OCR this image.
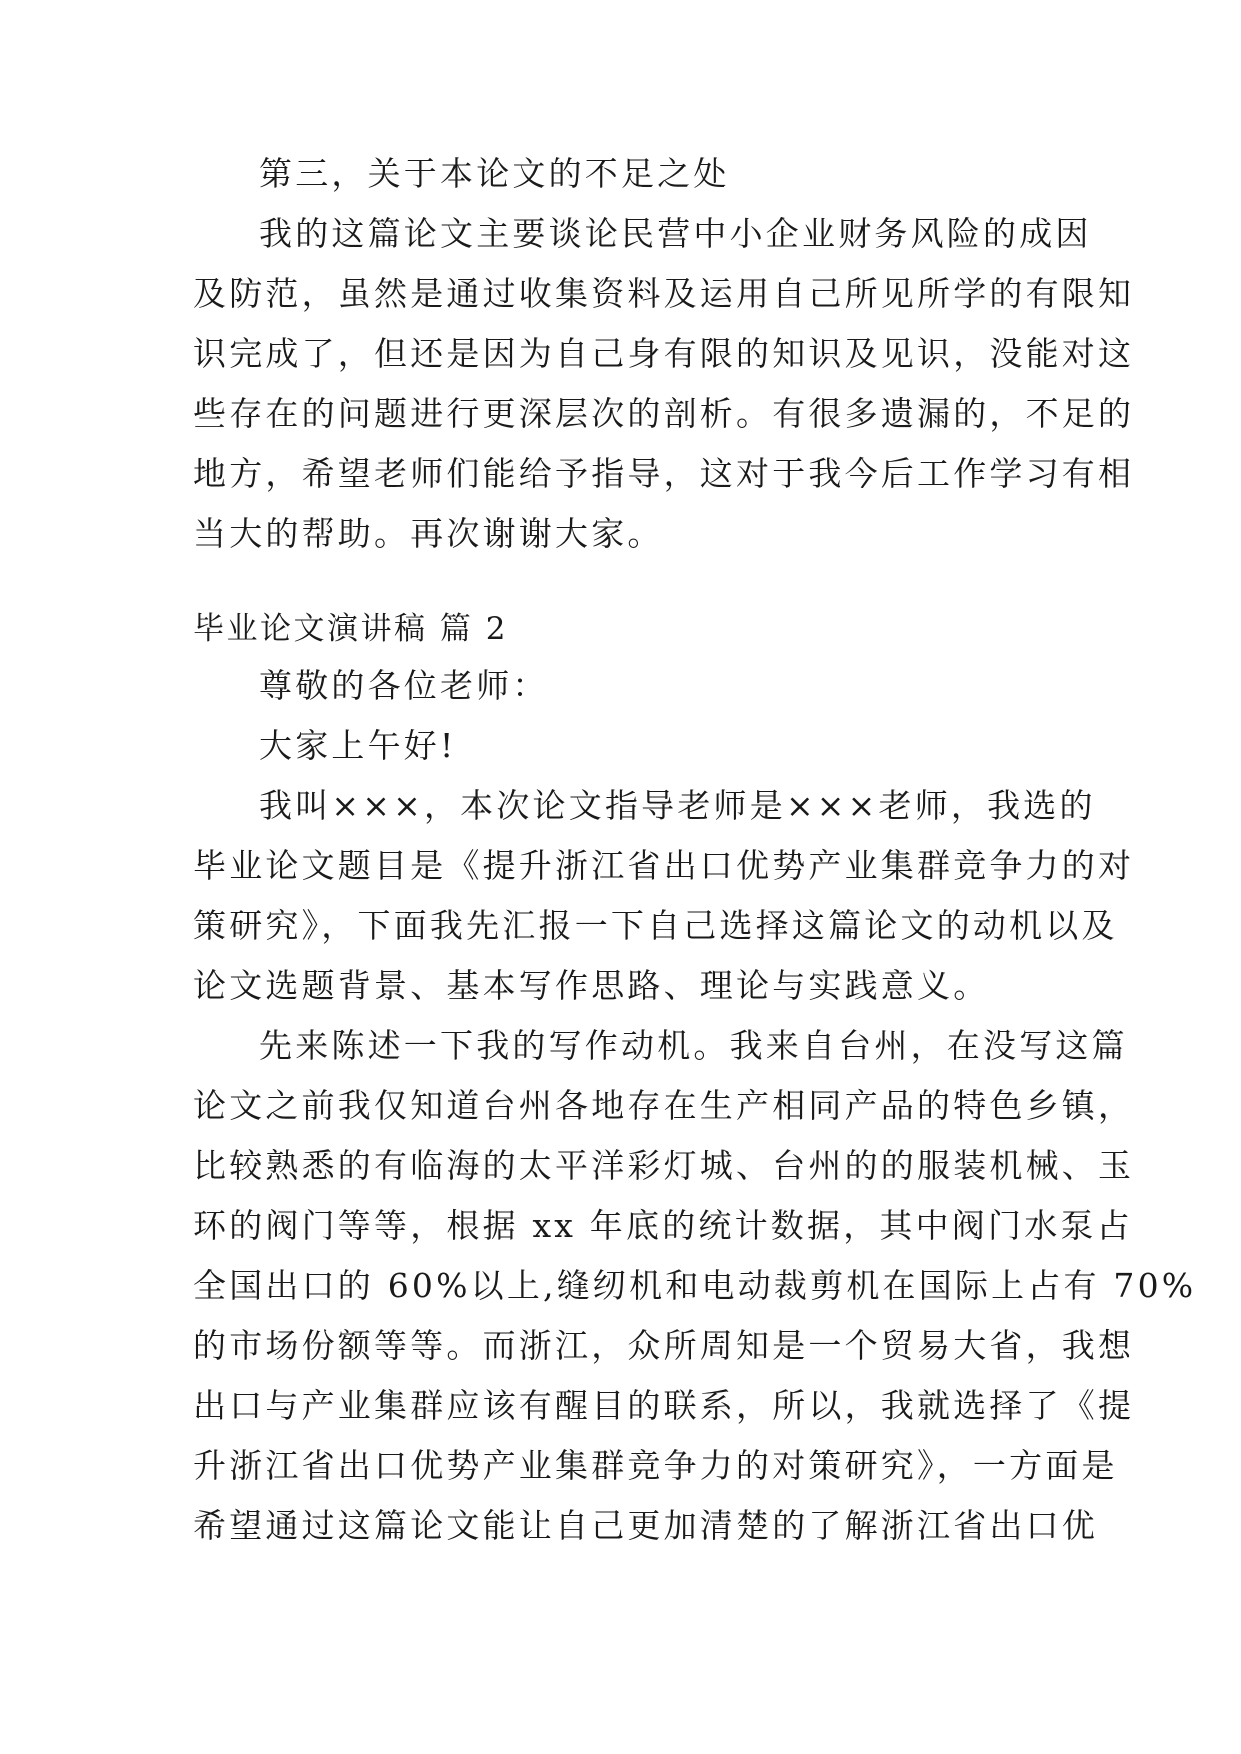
第三，关于本论文的不足之处
我的这篇论文主要谈论民营中小企业财务风险的成因
及防范，虽然是通过收集资料及运用自己所见所学的有限知
识完成了，但还是因为自己身有限的知识及见识，没能对这
些存在的问题进行更深层次的剖析。有很多遗漏的，不足的
地方，希望老师们能给予指导，这对于我今后工作学习有相
当大的帮助。再次谢谢大家。
毕业论文演讲稿 篇 2
尊敬的各位老师：
大家上午好!
我叫×××，本次论文指导老师是×××老师，我选的
毕业论文题目是《提升浙江省出口优势产业集群竞争力的对
策研究》，下面我先汇报一下自己选择这篇论文的动机以及
论文选题背景、基本写作思路、理论与实践意义。
先来陈述一下我的写作动机。我来自台州，在没写这篇
论文之前我仅知道台州各地存在生产相同产品的特色乡镇，
比较熟悉的有临海的太平洋彩灯城、台州的的服装机械、玉
环的阀门等等，根据 xx 年底的统计数据，其中阀门水泵占
全国出口的 60%以上,缝纫机和电动裁剪机在国际上占有 70%
的市场份额等等。而浙江，众所周知是一个贸易大省，我想
出口与产业集群应该有醒目的联系，所以，我就选择了《提
升浙江省出口优势产业集群竞争力的对策研究》，一方面是
希望通过这篇论文能让自己更加清楚的了解浙江省出口优
